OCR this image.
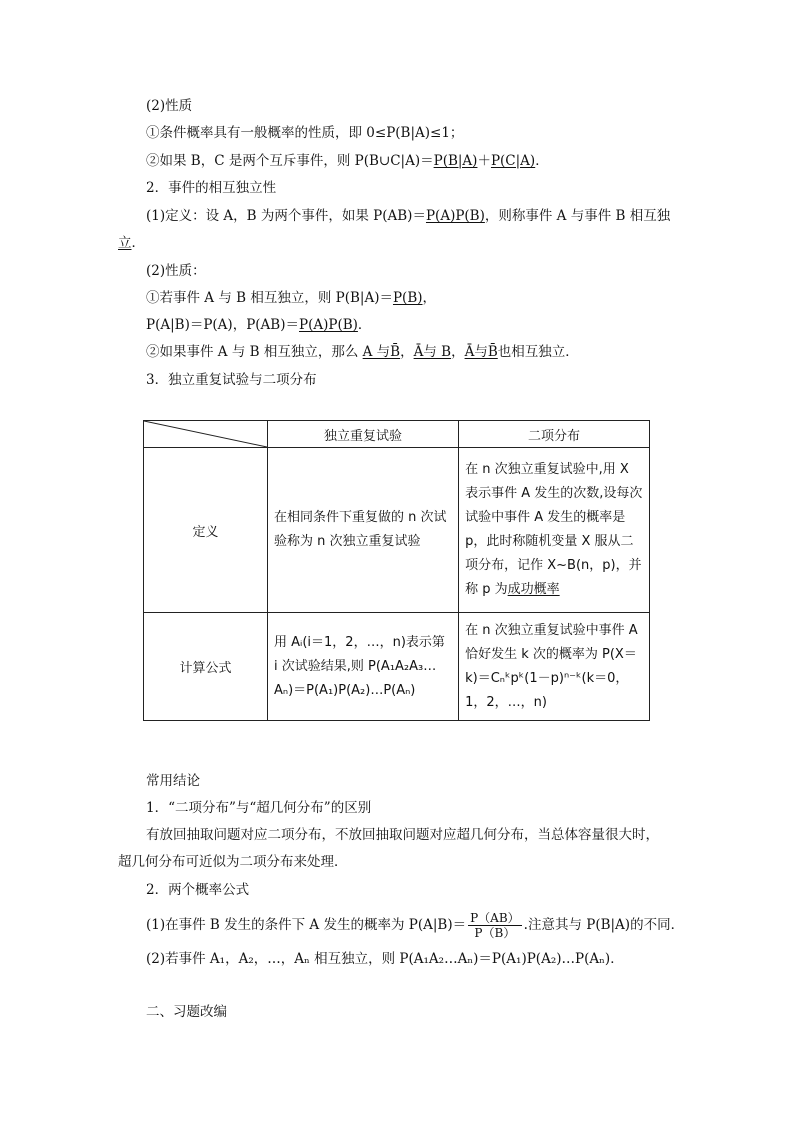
(2)性质
①条件概率具有一般概率的性质，即 0≤P(B|A)≤1；
②如果 B，C 是两个互斥事件，则 P(B∪C|A)＝P(B|A)＋P(C|A)．
2．事件的相互独立性
(1)定义：设 A，B 为两个事件，如果 P(AB)＝P(A)P(B)，则称事件 A 与事件 B 相互独
立．
(2)性质：
①若事件 A 与 B 相互独立，则 P(B|A)＝P(B)，
P(A|B)＝P(A)，P(AB)＝P(A)P(B)．
②如果事件 A 与 B 相互独立，那么 A 与B̄，Ā与 B，Ā与B̄也相互独立．
3．独立重复试验与二项分布
	独立重复试验	二项分布
定义	在相同条件下重复做的 n 次试验称为 n 次独立重复试验	在 n 次独立重复试验中,用 X 表示事件 A 发生的次数,设每次试验中事件 A 发生的概率是 p，此时称随机变量 X 服从二项分布，记作 X~B(n，p)，并称 p 为成功概率

计算公式	用 Aᵢ(i＝1，2，…，n)表示第 i 次试验结果,则 P(A₁A₂A₃…Aₙ)＝P(A₁)P(A₂)…P(Aₙ)	在 n 次独立重复试验中事件 A 恰好发生 k 次的概率为 P(X＝k)＝Cₙᵏpᵏ(1－p)ⁿ⁻ᵏ(k＝0，1，2，…，n)
常用结论
1．“二项分布”与“超几何分布”的区别
有放回抽取问题对应二项分布，不放回抽取问题对应超几何分布，当总体容量很大时，
超几何分布可近似为二项分布来处理．
2．两个概率公式
(1)在事件 B 发生的条件下 A 发生的概率为 $P(A|B)= \frac{P(AB)}{P(B)}$ .注意其与 P(B|A)的不同．
(2)若事件 A₁，A₂，…，Aₙ 相互独立，则 P(A₁A₂…Aₙ)＝P(A₁)P(A₂)…P(Aₙ)．
二、习题改编
